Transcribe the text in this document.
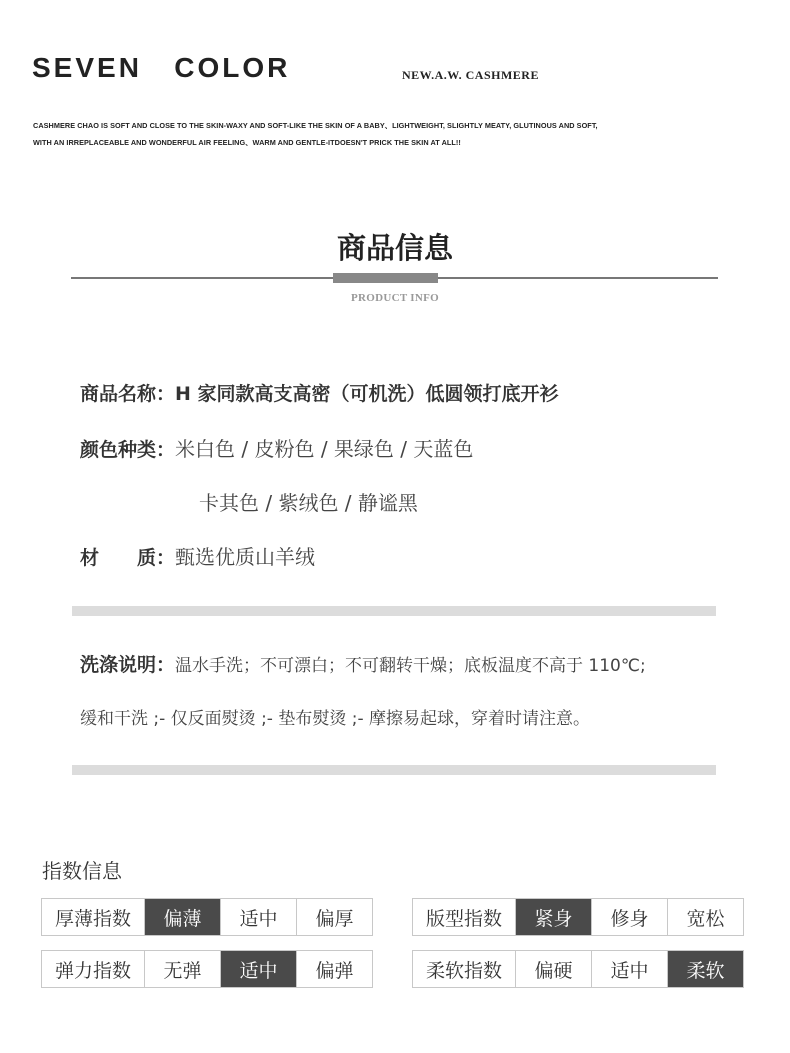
SEVEN   COLOR	NEW.A.W. CASHMERE
CASHMERE CHAO IS SOFT AND CLOSE TO THE SKIN-WAXY AND SOFT-LIKE THE SKIN OF A BABY、LIGHTWEIGHT, SLIGHTLY MEATY, GLUTINOUS AND SOFT,
WITH AN IRREPLACEABLE AND WONDERFUL AIR FEELING、WARM AND GENTLE-ITDOESN'T PRICK THE SKIN AT ALL!!
商品信息
PRODUCT INFO
商品名称：H 家同款高支高密（可机洗）低圆领打底开衫
颜色种类：米白色 / 皮粉色 / 果绿色 / 天蓝色
卡其色 / 紫绒色 / 静谧黑
材　　质：甄选优质山羊绒
洗涤说明：温水手洗；不可漂白；不可翻转干燥；底板温度不高于 110℃;
缓和干洗 ;- 仅反面熨烫 ;- 垫布熨烫 ;- 摩擦易起球，穿着时请注意。
指数信息
厚薄指数	偏薄	适中	偏厚	版型指数	紧身	修身	宽松
弹力指数	无弹	适中	偏弹	柔软指数	偏硬	适中	柔软
